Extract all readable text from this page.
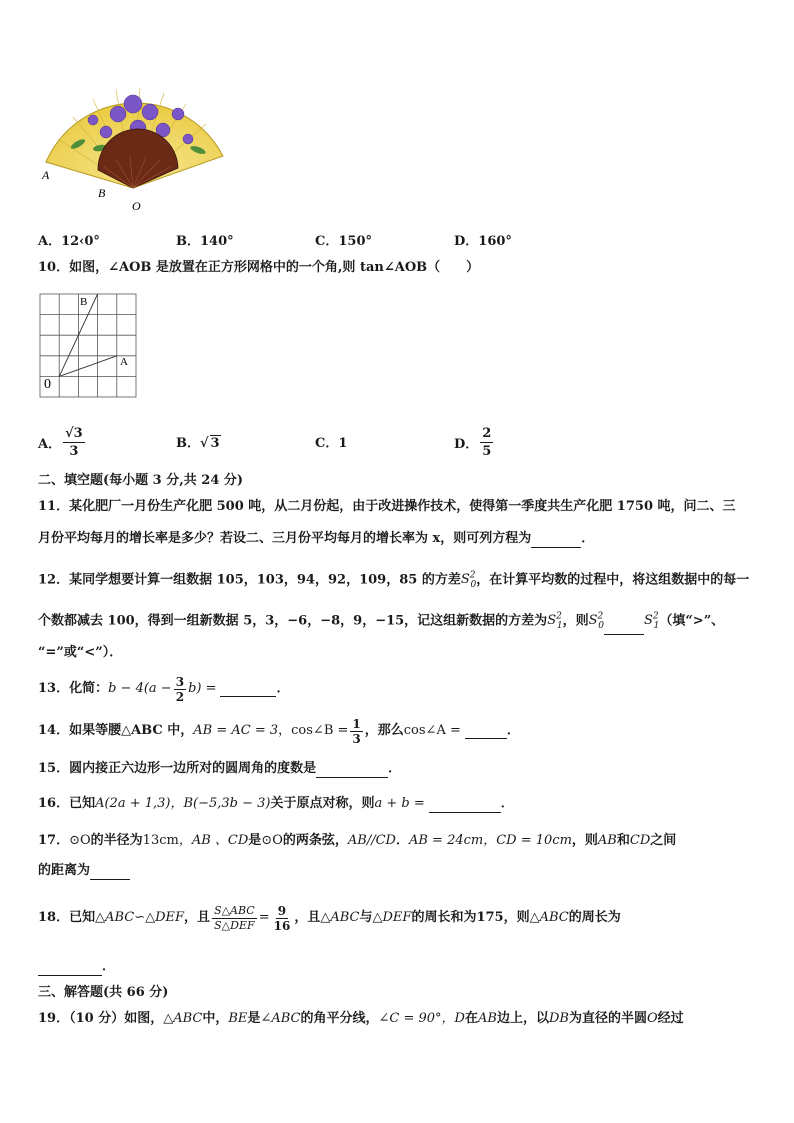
A
B
O
A．12‹0°	B．140°	C．150°	D．160°
10．如图，∠AOB 是放置在正方形网格中的一个角,则 tan∠AOB（　　）
B
A
0
A． $\frac{√3}{3}$	B．√ 3	C．1	D． $\frac{2}{5}$
二、填空题(每小题 3 分,共 24 分)
11．某化肥厂一月份生产化肥 500 吨，从二月份起，由于改进操作技术，使得第一季度共生产化肥 1750 吨，问二、三
月份平均每月的增长率是多少？若设二、三月份平均每月的增长率为 x，则可列方程为	．
12．某同学想要计算一组数据 105，103，94，92，109，85 的方差$S^2_0$，在计算平均数的过程中，将这组数据中的每一
个数都减去 100，得到一组新数据 5，3，−6，−8，9，−15，记这组新数据的方差为$S^2_1$，则$S^2_0$	$S^2_1$（填“>”、
“=”或“<”）．
13．化简： $b - 4(a - \frac{3}{2} b)$ =	．
14．如果等腰△ABC 中， AB = AC = 3 ，cos∠B = $\frac{1}{3}$ ，那么 cos∠A =	．
15．圆内接正六边形一边所对的圆周角的度数是	．
16．已知A(2a + 1,3)，B(−5,3b − 3)关于原点对称，则a + b =	．
17．⊙O的半径为13cm，AB 、CD是⊙O的两条弦，AB//CD．AB = 24cm，CD = 10cm，则AB和CD之间
的距离为
18．已知 △ABC∽△DEF ，且 $\frac{\text{S△ABC}}{\text{S△DEF}} = \frac{9}{16}$ ，且 △ABC 与 △DEF 的周长和为175 ，则 △ABC 的周长为
．
三、解答题(共 66 分)
19．（10 分）如图，△ABC中，BE是∠ABC的角平分线，∠C = 90°，D在AB边上，以DB为直径的半圆O经过
